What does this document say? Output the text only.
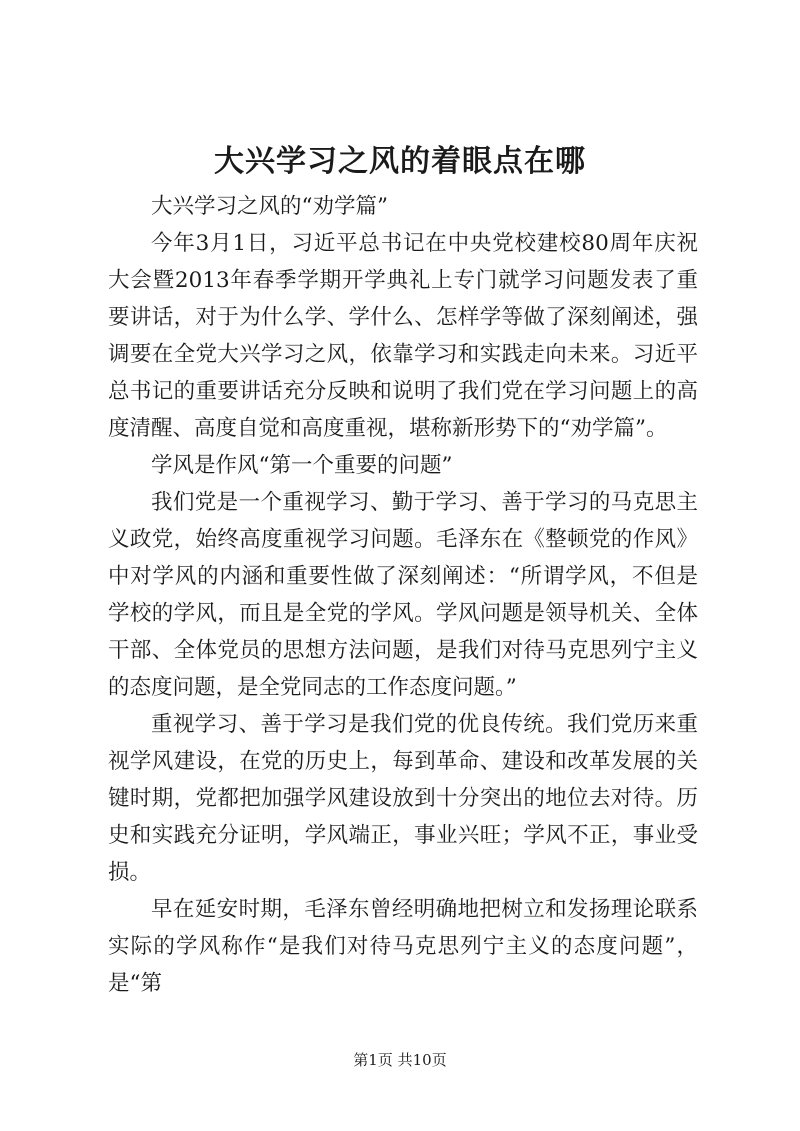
大兴学习之风的着眼点在哪

大兴学习之风的“劝学篇”

今年3月1日，习近平总书记在中央党校建校80周年庆祝大会暨2013年春季学期开学典礼上专门就学习问题发表了重要讲话，对于为什么学、学什么、怎样学等做了深刻阐述，强调要在全党大兴学习之风，依靠学习和实践走向未来。习近平总书记的重要讲话充分反映和说明了我们党在学习问题上的高度清醒、高度自觉和高度重视，堪称新形势下的“劝学篇”。

学风是作风“第一个重要的问题”

我们党是一个重视学习、勤于学习、善于学习的马克思主义政党，始终高度重视学习问题。毛泽东在《整顿党的作风》中对学风的内涵和重要性做了深刻阐述：“所谓学风，不但是学校的学风，而且是全党的学风。学风问题是领导机关、全体干部、全体党员的思想方法问题，是我们对待马克思列宁主义的态度问题，是全党同志的工作态度问题。”

重视学习、善于学习是我们党的优良传统。我们党历来重视学风建设，在党的历史上，每到革命、建设和改革发展的关键时期，党都把加强学风建设放到十分突出的地位去对待。历史和实践充分证明，学风端正，事业兴旺；学风不正，事业受损。

早在延安时期，毛泽东曾经明确地把树立和发扬理论联系实际的学风称作“是我们对待马克思列宁主义的态度问题”，是“第

第1页 共10页
